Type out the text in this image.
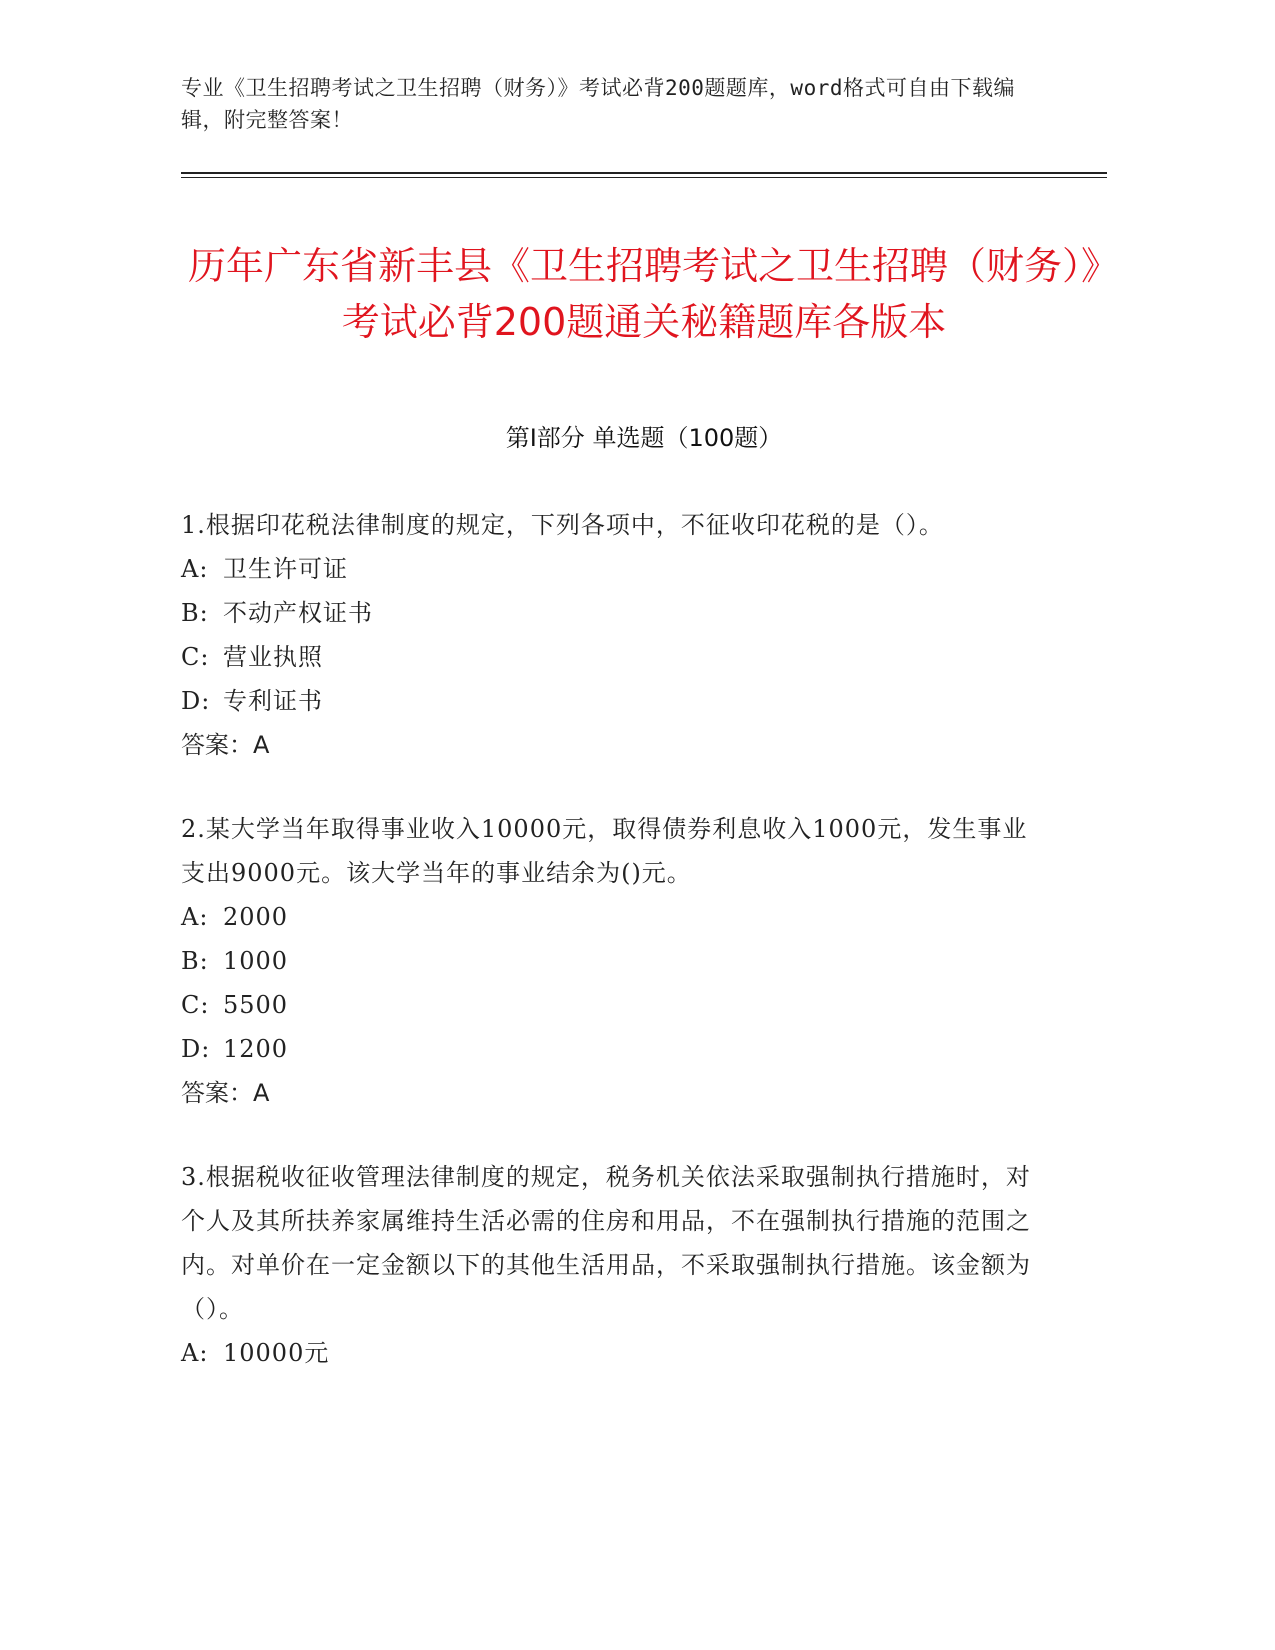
专业《卫生招聘考试之卫生招聘（财务）》考试必背200题题库，word格式可自由下载编辑，附完整答案！
历年广东省新丰县《卫生招聘考试之卫生招聘（财务）》考试必背200题通关秘籍题库各版本
第Ⅰ部分 单选题（100题）

1.根据印花税法律制度的规定，下列各项中，不征收印花税的是（）。

A: 卫生许可证

B: 不动产权证书

C: 营业执照

D: 专利证书

答案：A

2.某大学当年取得事业收入10000元，取得债券利息收入1000元，发生事业支出9000元。该大学当年的事业结余为()元。

A: 2000

B: 1000

C: 5500

D: 1200

答案：A

3.根据税收征收管理法律制度的规定，税务机关依法采取强制执行措施时，对个人及其所扶养家属维持生活必需的住房和用品，不在强制执行措施的范围之内。对单价在一定金额以下的其他生活用品，不采取强制执行措施。该金额为（）。

A: 10000元
